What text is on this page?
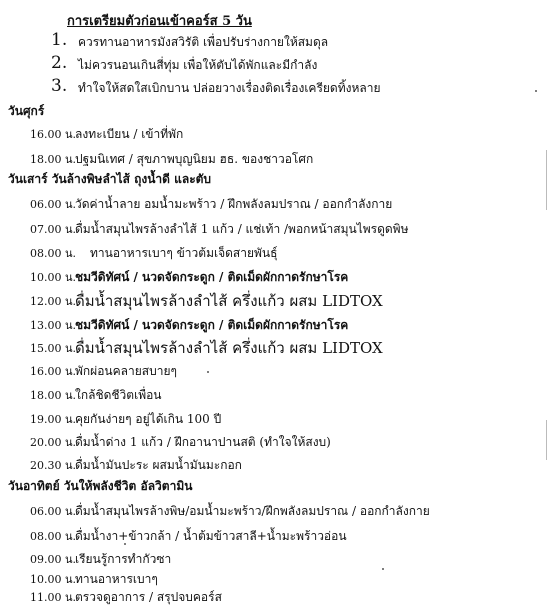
การเตรียมตัวก่อนเข้าคอร์ส 5 วัน
1. ควรทานอาหารมังสวิรัติ เพื่อปรับร่างกายให้สมดุล
2. ไม่ควรนอนเกินสี่ทุ่ม เพื่อให้ตับได้พักและมีกำลัง
3. ทำใจให้สดใสเบิกบาน ปล่อยวางเรื่องติดเรื่องเครียดทิ้งหลาย
วันศุกร์
16.00 น.
ลงทะเบียน / เข้าที่พัก
18.00 น.
ปฐมนิเทศ / สุขภาพบุญนิยม ฮธ. ของชาวอโศก
วันเสาร์ วันล้างพิษลำไส้ ถุงน้ำดี และตับ
06.00 น.
วัดค่าน้ำลาย อมน้ำมะพร้าว / ฝึกพลังลมปราณ / ออกกำลังกาย
07.00 น.
ดื่มน้ำสมุนไพรล้างลำไส้ 1 แก้ว / แช่เท้า /พอกหน้าสมุนไพรดูดพิษ
08.00 น. ทานอาหารเบาๆ ข้าวต้มเจ็ดสายพันธุ์
10.00 น.
ชมวีดิทัศน์ / นวดจัดกระดูก / ติดเม็ดผักกาดรักษาโรค
12.00 น.
ดื่มน้ำสมุนไพรล้างลำไส้ ครึ่งแก้ว ผสม LIDTOX
13.00 น.
ชมวีดิทัศน์ / นวดจัดกระดูก / ติดเม็ดผักกาดรักษาโรค
15.00 น.
ดื่มน้ำสมุนไพรล้างลำไส้ ครึ่งแก้ว ผสม LIDTOX
16.00 น.
พักผ่อนคลายสบายๆ
18.00 น.
ใกล้ชิดชีวิตเพื่อน
19.00 น.
คุยกันง่ายๆ อยู่ได้เกิน 100 ปี
20.00 น.
ดื่มน้ำด่าง 1 แก้ว / ฝึกอานาปานสติ (ทำใจให้สงบ)
20.30 น.
ดื่มน้ำมันปะระ ผสมน้ำมันมะกอก
วันอาทิตย์ วันให้พลังชีวิต อัลวิตามิน
06.00 น.
ดื่มน้ำสมุนไพรล้างพิษ/อมน้ำมะพร้าว/ฝึกพลังลมปราณ / ออกกำลังกาย
08.00 น.
ดื่มน้ำงา+ข้าวกล้า / น้ำต้มข้าวสาลี+น้ำมะพร้าวอ่อน
09.00 น.
เรียนรู้การทำกัวซา
10.00 น.
ทานอาหารเบาๆ
11.00 น.
ตรวจดูอาการ / สรุปจบคอร์ส
